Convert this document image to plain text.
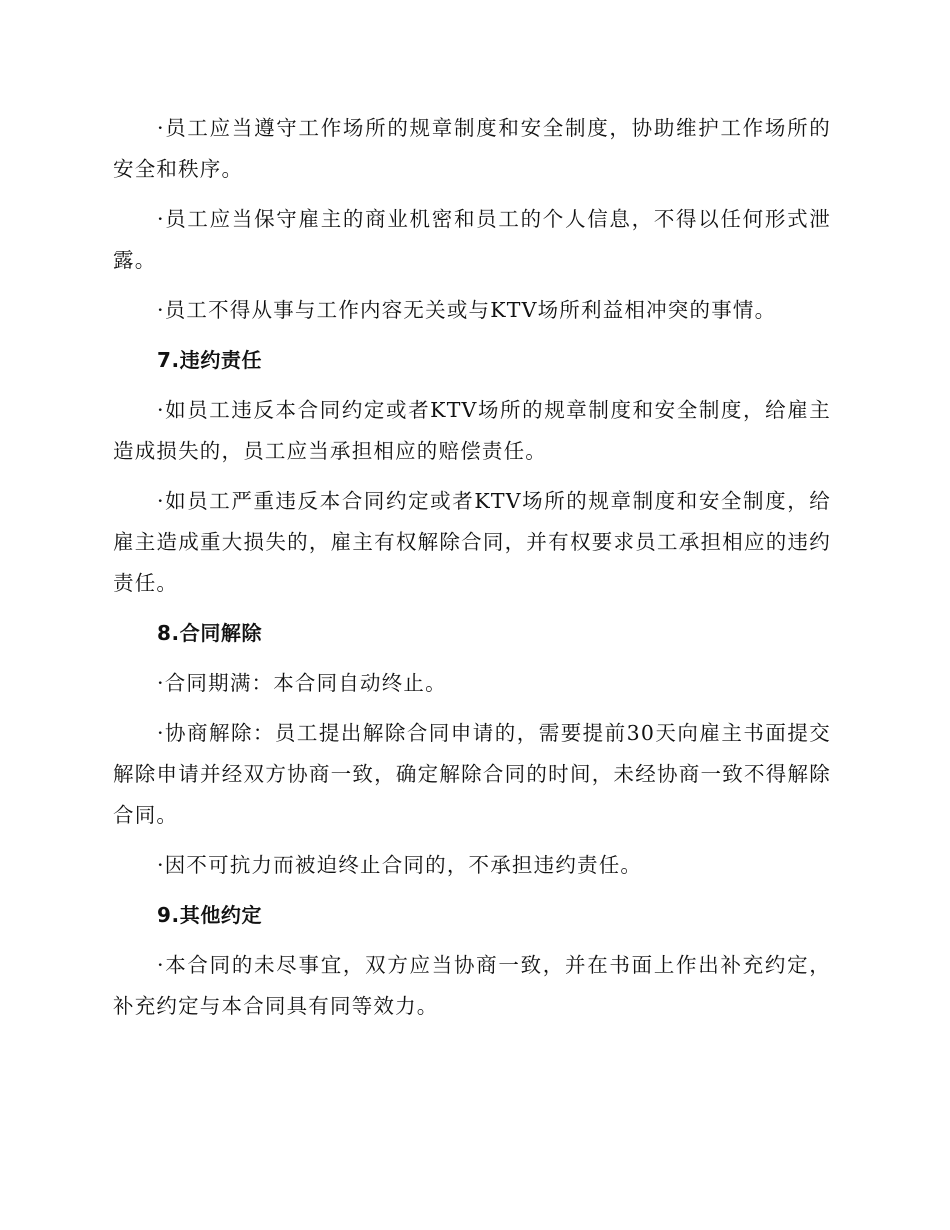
·员工应当遵守工作场所的规章制度和安全制度，协助维护工作场所的安全和秩序。

·员工应当保守雇主的商业机密和员工的个人信息，不得以任何形式泄露。

·员工不得从事与工作内容无关或与KTV场所利益相冲突的事情。

7.违约责任

·如员工违反本合同约定或者KTV场所的规章制度和安全制度，给雇主造成损失的，员工应当承担相应的赔偿责任。

·如员工严重违反本合同约定或者KTV场所的规章制度和安全制度，给雇主造成重大损失的，雇主有权解除合同，并有权要求员工承担相应的违约责任。

8.合同解除

·合同期满：本合同自动终止。

·协商解除：员工提出解除合同申请的，需要提前30天向雇主书面提交解除申请并经双方协商一致，确定解除合同的时间，未经协商一致不得解除合同。

·因不可抗力而被迫终止合同的，不承担违约责任。

9.其他约定

·本合同的未尽事宜，双方应当协商一致，并在书面上作出补充约定，补充约定与本合同具有同等效力。
